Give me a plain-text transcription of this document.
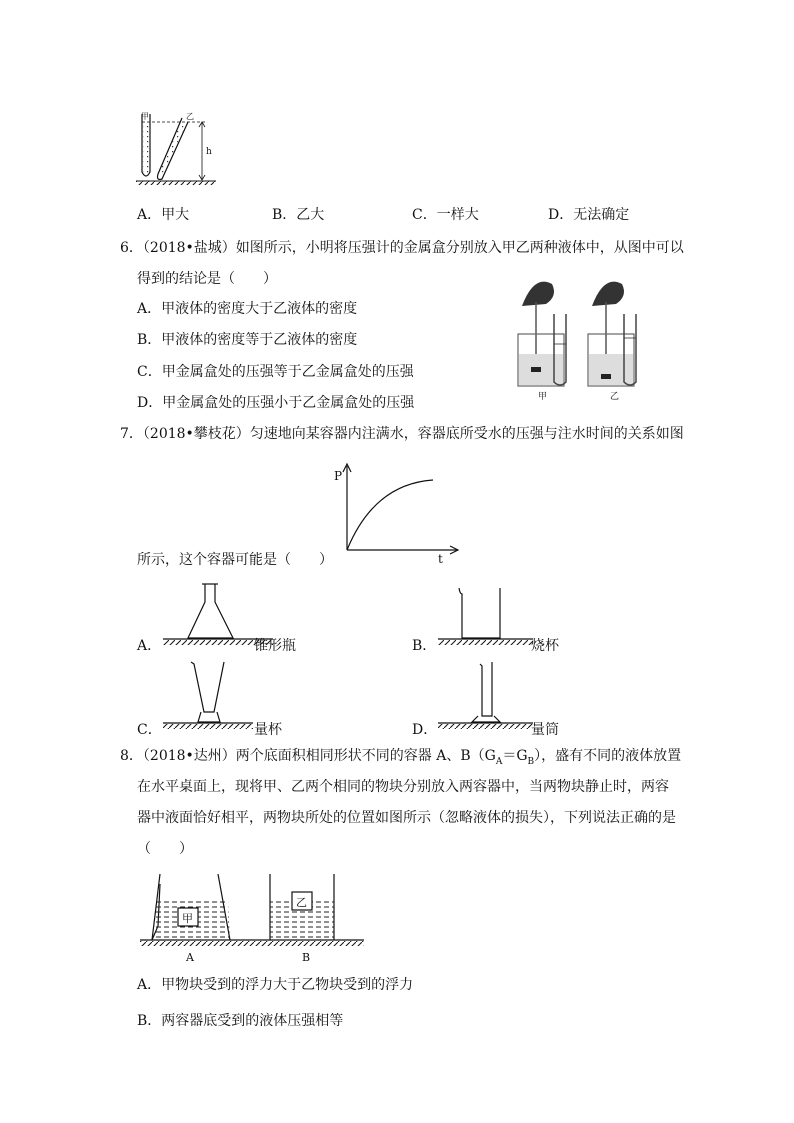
甲	乙
h
A．甲大	B．乙大	C．一样大	D．无法确定
6．（2018•盐城）如图所示，小明将压强计的金属盒分别放入甲乙两种液体中，从图中可以
得到的结论是（　　）
A．甲液体的密度大于乙液体的密度
B．甲液体的密度等于乙液体的密度
C．甲金属盒处的压强等于乙金属盒处的压强
D．甲金属盒处的压强小于乙金属盒处的压强	甲	乙
7．（2018•攀枝花）匀速地向某容器内注满水，容器底所受水的压强与注水时间的关系如图
P
t
所示，这个容器可能是（　　）
A．	锥形瓶	B．	烧杯
C．	量杯	D．	量筒
8．（2018•达州）两个底面积相同形状不同的容器 A、$B(G_A=G_B)$，盛有不同的液体放置
在水平桌面上，现将甲、乙两个相同的物块分别放入两容器中，当两物块静止时，两容
器中液面恰好相平，两物块所处的位置如图所示（忽略液体的损失），下列说法正确的是
（　　）
甲
乙
A	B
A．甲物块受到的浮力大于乙物块受到的浮力
B．两容器底受到的液体压强相等
